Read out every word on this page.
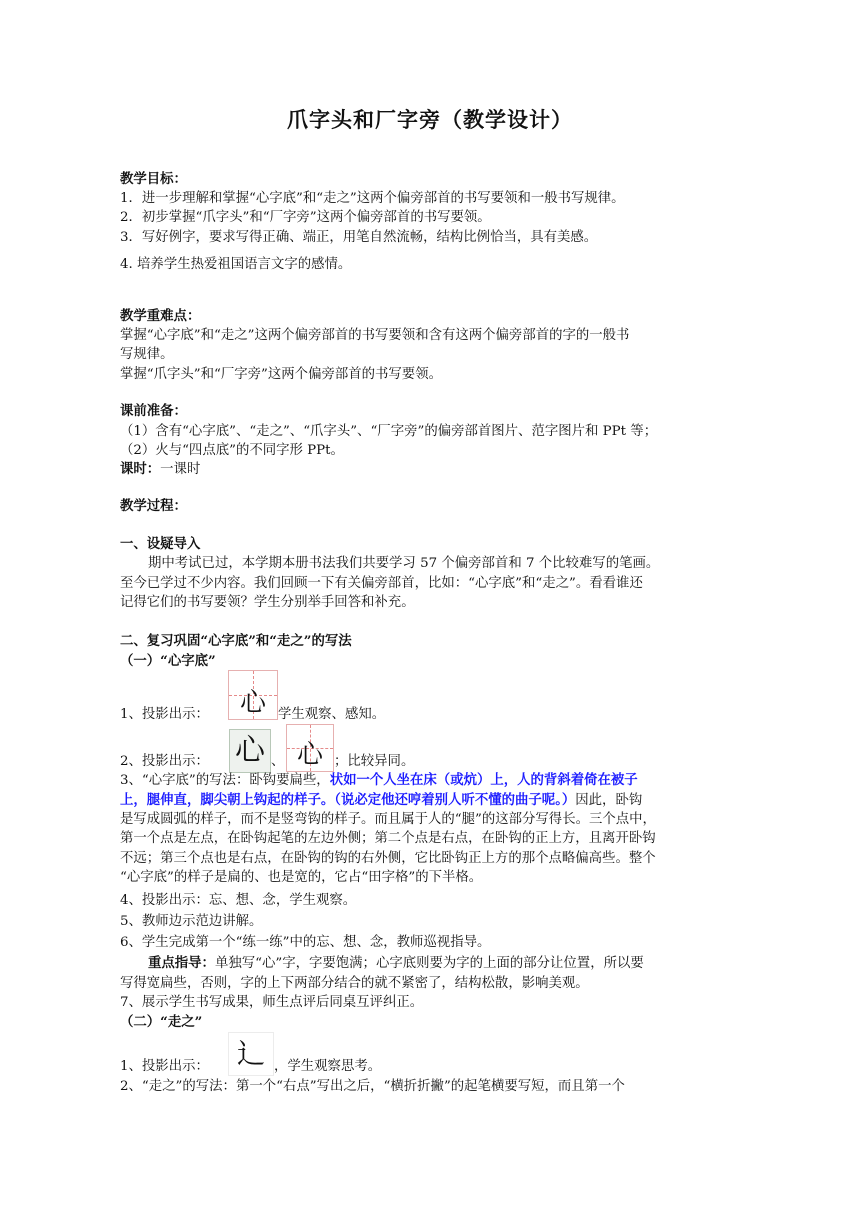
爪字头和厂字旁（教学设计）
教学目标：
1．进一步理解和掌握“心字底”和“走之”这两个偏旁部首的书写要领和一般书写规律。
2．初步掌握“爪字头”和“厂字旁”这两个偏旁部首的书写要领。
3．写好例字，要求写得正确、端正，用笔自然流畅，结构比例恰当，具有美感。
4. 培养学生热爱祖国语言文字的感情。
教学重难点：
掌握“心字底”和“走之”这两个偏旁部首的书写要领和含有这两个偏旁部首的字的一般书
写规律。
掌握“爪字头”和“厂字旁”这两个偏旁部首的书写要领。
课前准备：
（1）含有“心字底”、“走之”、“爪字头”、“厂字旁”的偏旁部首图片、范字图片和 PPt 等；
（2）火与“四点底”的不同字形 PPt。
课时：一课时
教学过程：
一、设疑导入
期中考试已过，本学期本册书法我们共要学习 57 个偏旁部首和 7 个比较难写的笔画。
至今已学过不少内容。我们回顾一下有关偏旁部首，比如：“心字底”和“走之”。看看谁还
记得它们的书写要领？学生分别举手回答和补充。
二、复习巩固“心字底”和“走之”的写法
（一）“心字底”
1、投影出示：	心 学生观察、感知。
2、投影出示： 心 、 心 ；比较异同。
3、“心字底”的写法：卧钩要扁些，状如一个人坐在床（或炕）上，人的背斜着倚在被子
上，腿伸直，脚尖朝上钩起的样子。（说必定他还哼着别人听不懂的曲子呢。）因此，卧钩
是写成圆弧的样子，而不是竖弯钩的样子。而且属于人的“腿”的这部分写得长。三个点中，
第一个点是左点，在卧钩起笔的左边外侧；第二个点是右点，在卧钩的正上方，且离开卧钩
不远；第三个点也是右点，在卧钩的钩的右外侧，它比卧钩正上方的那个点略偏高些。整个
“心字底”的样子是扁的、也是宽的，它占“田字格”的下半格。
4、投影出示：忘、想、念，学生观察。
5、教师边示范边讲解。
6、学生完成第一个“练一练”中的忘、想、念，教师巡视指导。
重点指导：单独写“心”字，字要饱满；心字底则要为字的上面的部分让位置，所以要
写得宽扁些，否则，字的上下两部分结合的就不紧密了，结构松散，影响美观。
7、展示学生书写成果，师生点评后同桌互评纠正。
（二）“走之”
1、投影出示：	辶 ，学生观察思考。
2、“走之”的写法：第一个“右点”写出之后，“横折折撇”的起笔横要写短，而且第一个
